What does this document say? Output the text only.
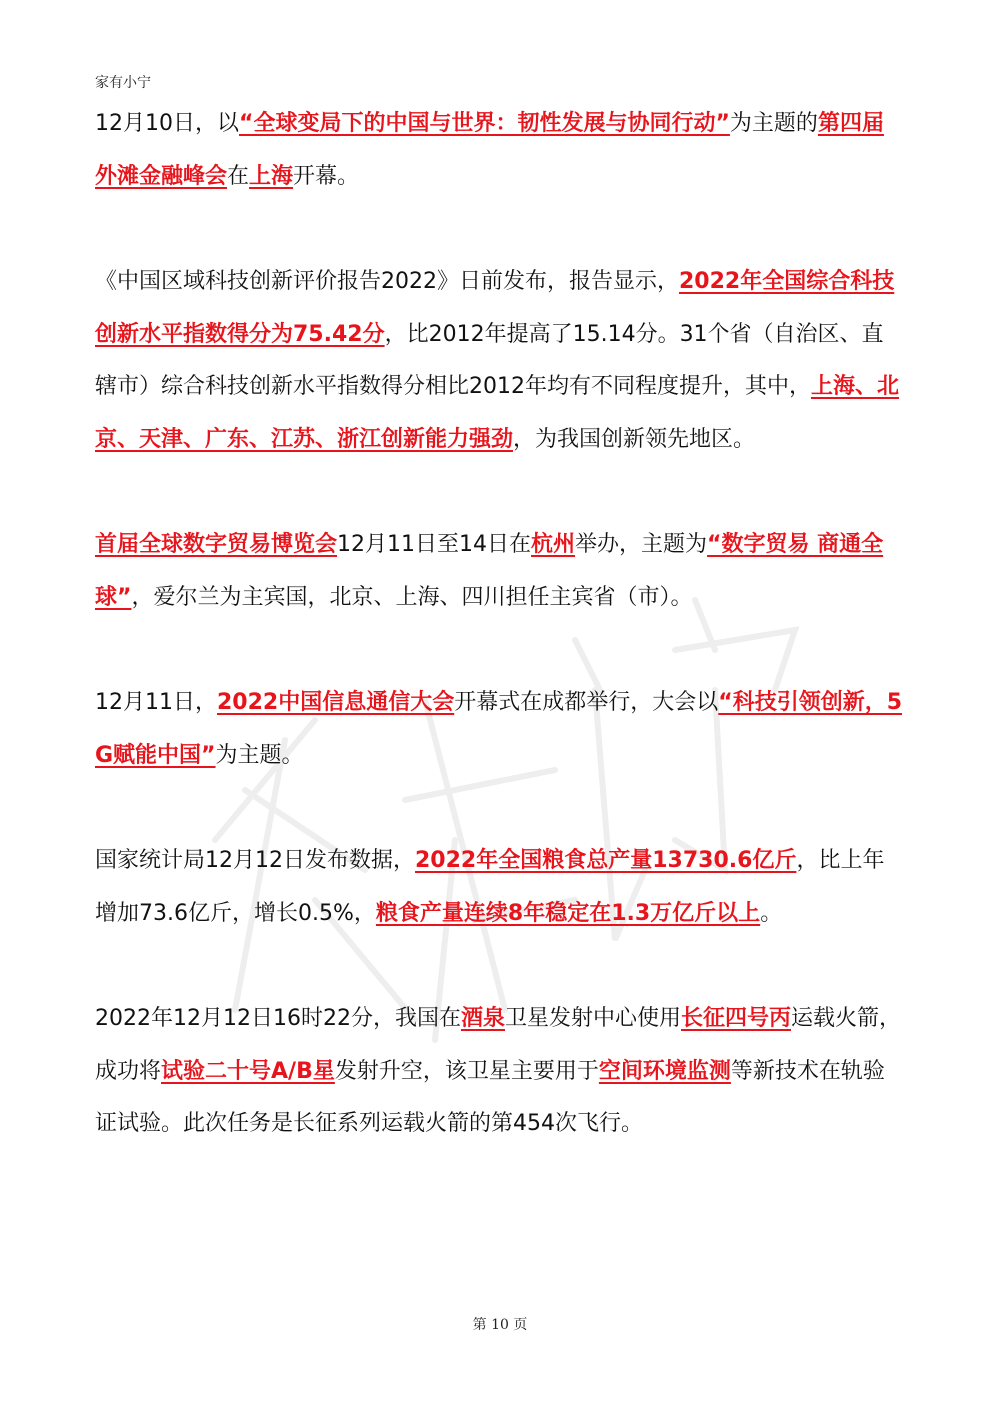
家有小宁

12月10日，以“全球变局下的中国与世界：韧性发展与协同行动”为主题的第四届外滩金融峰会在上海开幕。

《中国区域科技创新评价报告2022》日前发布，报告显示，2022年全国综合科技创新水平指数得分为75.42分，比2012年提高了15.14分。31个省（自治区、直辖市）综合科技创新水平指数得分相比2012年均有不同程度提升，其中，上海、北京、天津、广东、江苏、浙江创新能力强劲，为我国创新领先地区。

首届全球数字贸易博览会12月11日至14日在杭州举办，主题为“数字贸易 商通全球”，爱尔兰为主宾国，北京、上海、四川担任主宾省（市）。

12月11日，2022中国信息通信大会开幕式在成都举行，大会以“科技引领创新，5G赋能中国”为主题。

国家统计局12月12日发布数据，2022年全国粮食总产量13730.6亿斤，比上年增加73.6亿斤，增长0.5%，粮食产量连续8年稳定在1.3万亿斤以上。

2022年12月12日16时22分，我国在酒泉卫星发射中心使用长征四号丙运载火箭，成功将试验二十号A/B星发射升空，该卫星主要用于空间环境监测等新技术在轨验证试验。此次任务是长征系列运载火箭的第454次飞行。

第 10 页
